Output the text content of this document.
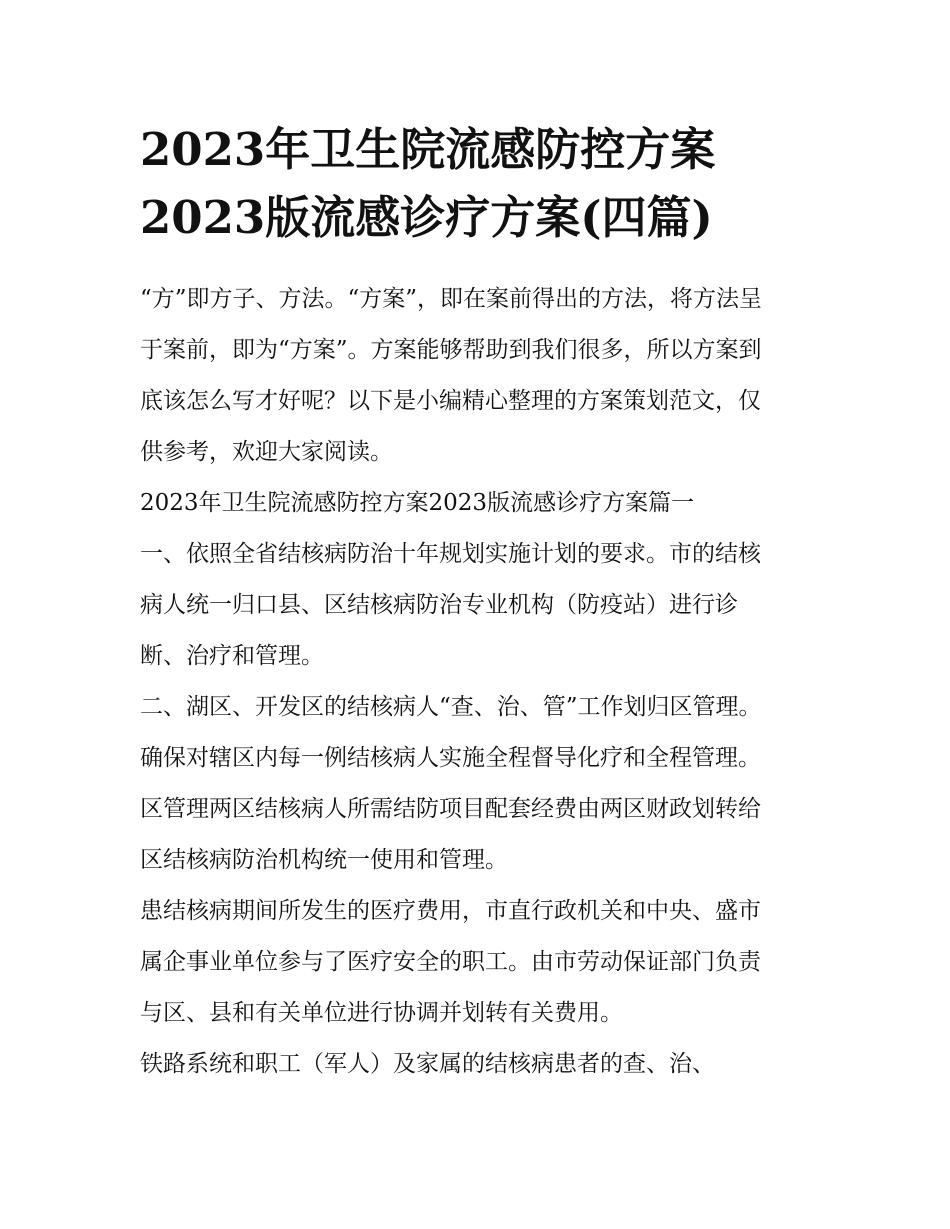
2023年卫生院流感防控方案
2023版流感诊疗方案(四篇)
“方”即方子、方法。“方案”，即在案前得出的方法，将方法呈
于案前，即为“方案”。方案能够帮助到我们很多，所以方案到
底该怎么写才好呢？以下是小编精心整理的方案策划范文，仅
供参考，欢迎大家阅读。
2023年卫生院流感防控方案2023版流感诊疗方案篇一
一、依照全省结核病防治十年规划实施计划的要求。市的结核
病人统一归口县、区结核病防治专业机构（防疫站）进行诊
断、治疗和管理。
二、湖区、开发区的结核病人“查、治、管”工作划归区管理。
确保对辖区内每一例结核病人实施全程督导化疗和全程管理。
区管理两区结核病人所需结防项目配套经费由两区财政划转给
区结核病防治机构统一使用和管理。
患结核病期间所发生的医疗费用，市直行政机关和中央、盛市
属企事业单位参与了医疗安全的职工。由市劳动保证部门负责
与区、县和有关单位进行协调并划转有关费用。
铁路系统和职工（军人）及家属的结核病患者的查、治、
